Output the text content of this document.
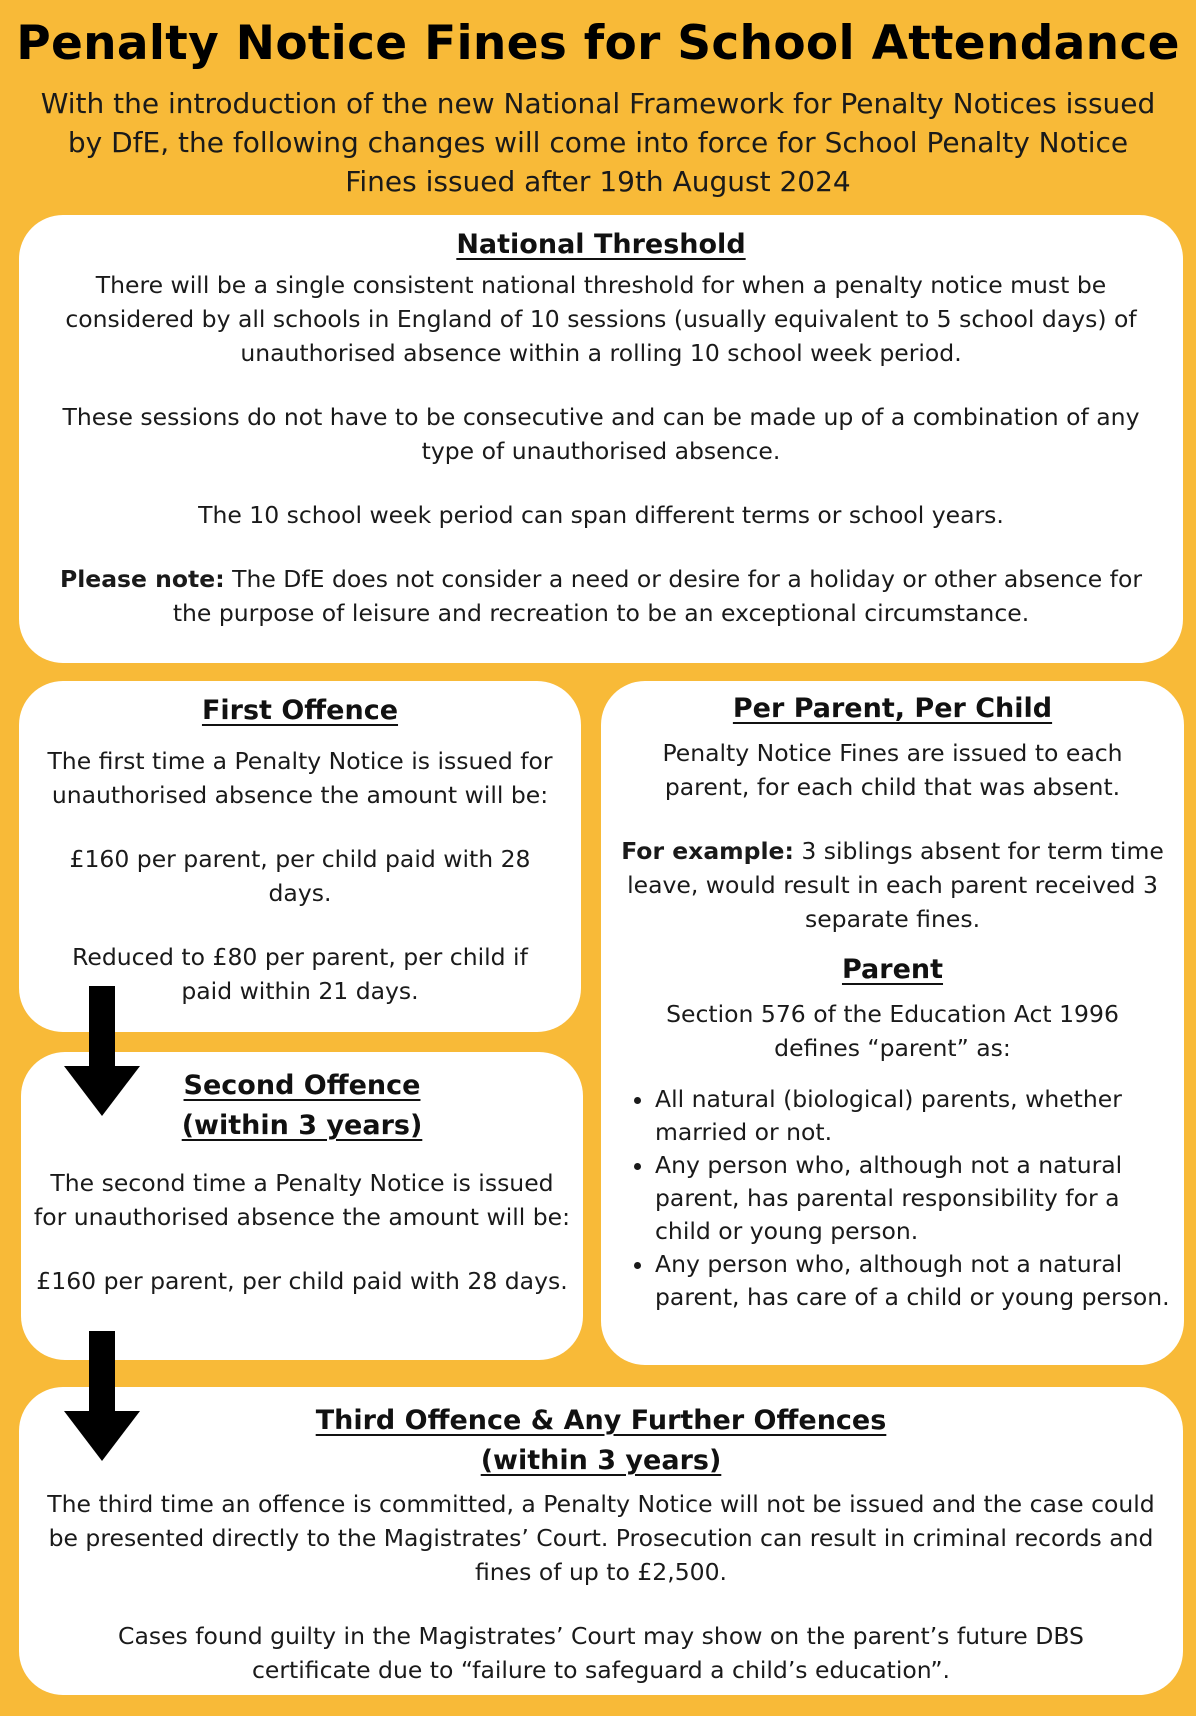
Penalty Notice Fines for School Attendance
With the introduction of the new National Framework for Penalty Notices issued by DfE, the following changes will come into force for School Penalty Notice Fines issued after 19th August 2024
National Threshold

There will be a single consistent national threshold for when a penalty notice must be considered by all schools in England of 10 sessions (usually equivalent to 5 school days) of unauthorised absence within a rolling 10 school week period.

These sessions do not have to be consecutive and can be made up of a combination of any type of unauthorised absence.

The 10 school week period can span different terms or school years.

Please note: The DfE does not consider a need or desire for a holiday or other absence for the purpose of leisure and recreation to be an exceptional circumstance.

First Offence

The first time a Penalty Notice is issued for unauthorised absence the amount will be:

£160 per parent, per child paid with 28 days.

Reduced to £80 per parent, per child if paid within 21 days.

Second Offence
(within 3 years)

The second time a Penalty Notice is issued for unauthorised absence the amount will be:

£160 per parent, per child paid with 28 days.

Per Parent, Per Child

Penalty Notice Fines are issued to each parent, for each child that was absent.

For example: 3 siblings absent for term time leave, would result in each parent received 3 separate fines.

Parent

Section 576 of the Education Act 1996 defines “parent” as:

• All natural (biological) parents, whether married or not.
• Any person who, although not a natural parent, has parental responsibility for a child or young person.
• Any person who, although not a natural parent, has care of a child or young person.
Third Offence & Any Further Offences
(within 3 years)

The third time an offence is committed, a Penalty Notice will not be issued and the case could be presented directly to the Magistrates’ Court. Prosecution can result in criminal records and fines of up to £2,500.

Cases found guilty in the Magistrates’ Court may show on the parent’s future DBS certificate due to “failure to safeguard a child’s education”.
